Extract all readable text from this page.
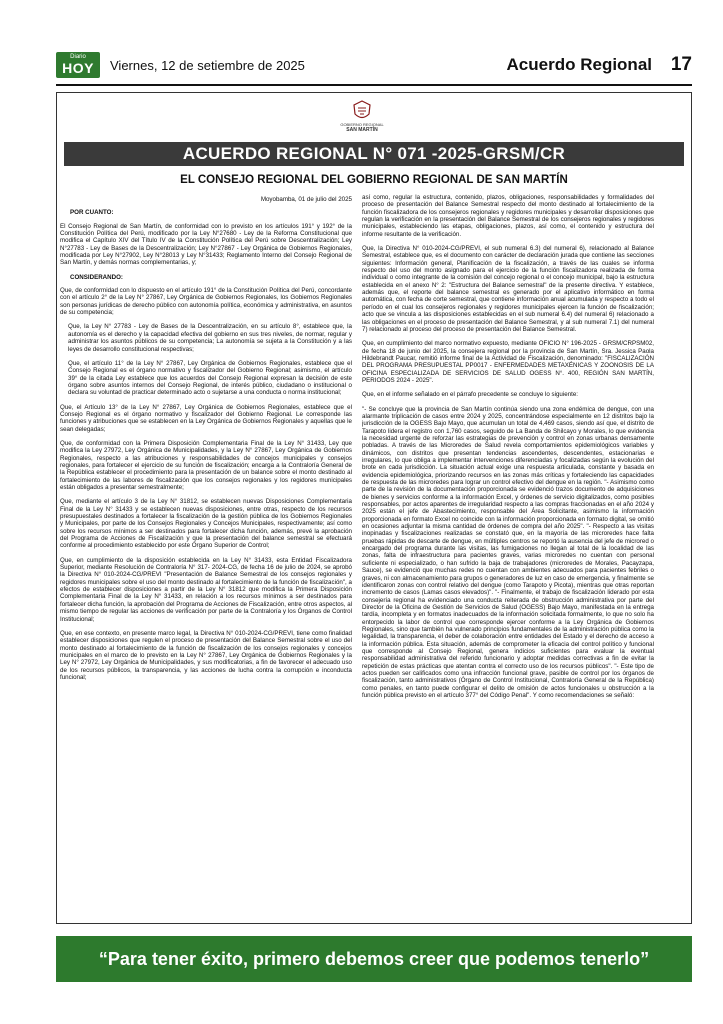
Diario
HOY	Viernes, 12 de setiembre de 2025	Acuerdo Regional 17
GOBIERNO REGIONAL
SAN MARTÍN
ACUERDO REGIONAL N° 071 -2025-GRSM/CR
EL CONSEJO REGIONAL DEL GOBIERNO REGIONAL DE SAN MARTÍN

Moyobamba, 01 de julio del 2025

POR CUANTO:

El Consejo Regional de San Martín, de conformidad con lo previsto en los artículos 191° y 192° de la Constitución Política del Perú, modificado por la Ley N°27680 - Ley de la Reforma Constitucional que modifica el Capítulo XIV del Título IV de la Constitución Política del Perú sobre Descentralización; Ley N°27783 - Ley de Bases de la Descentralización; Ley N°27867 - Ley Orgánica de Gobiernos Regionales, modificada por Ley N°27902, Ley N°28013 y Ley N°31433; Reglamento Interno del Consejo Regional de San Martín, y demás normas complementarias, y;

CONSIDERANDO:

Que, de conformidad con lo dispuesto en el artículo 191° de la Constitución Política del Perú, concordante con el artículo 2° de la Ley N° 27867, Ley Orgánica de Gobiernos Regionales, los Gobiernos Regionales son personas jurídicas de derecho público con autonomía política, económica y administrativa, en asuntos de su competencia;

Que, la Ley N° 27783 - Ley de Bases de la Descentralización, en su artículo 8°, establece que, la autonomía es el derecho y la capacidad efectiva del gobierno en sus tres niveles, de normar, regular y administrar los asuntos públicos de su competencia; La autonomía se sujeta a la Constitución y a las leyes de desarrollo constitucional respectivas;

Que, el artículo 11° de la Ley N° 27867, Ley Orgánica de Gobiernos Regionales, establece que el Consejo Regional es el órgano normativo y fiscalizador del Gobierno Regional; asimismo, el artículo 39° de la citada Ley establece que los acuerdos del Consejo Regional expresan la decisión de este órgano sobre asuntos internos del Consejo Regional, de interés público, ciudadano o institucional o declara su voluntad de practicar determinado acto o sujetarse a una conducta o norma institucional;

Que, el Artículo 13° de la Ley N° 27867, Ley Orgánica de Gobiernos Regionales, establece que el Consejo Regional es el órgano normativo y fiscalizador del Gobierno Regional. Le corresponde las funciones y atribuciones que se establecen en la Ley Orgánica de Gobiernos Regionales y aquellas que le sean delegadas;

Que, de conformidad con la Primera Disposición Complementaria Final de la Ley N° 31433, Ley que modifica la Ley 27972, Ley Orgánica de Municipalidades, y la Ley N° 27867, Ley Orgánica de Gobiernos Regionales, respecto a las atribuciones y responsabilidades de concejos municipales y consejos regionales, para fortalecer el ejercicio de su función de fiscalización; encarga a la Contraloría General de la República establecer el procedimiento para la presentación de un balance sobre el monto destinado al fortalecimiento de las labores de fiscalización que los consejos regionales y los regidores municipales están obligados a presentar semestralmente;

Que, mediante el artículo 3 de la Ley N° 31812, se establecen nuevas Disposiciones Complementaria Final de la Ley N° 31433 y se establecen nuevas disposiciones, entre otras, respecto de los recursos presupuestales destinados a fortalecer la fiscalización de la gestión pública de los Gobiernos Regionales y Municipales, por parte de los Consejos Regionales y Concejos Municipales, respectivamente; así como sobre los recursos mínimos a ser destinados para fortalecer dicha función, además, prevé la aprobación del Programa de Acciones de Fiscalización y que la presentación del balance semestral se efectuará conforme al procedimiento establecido por este Órgano Superior de Control;

Que, en cumplimiento de la disposición establecida en la Ley N° 31433, esta Entidad Fiscalizadora Superior, mediante Resolución de Contraloría N° 317- 2024-CG, de fecha 16 de julio de 2024, se aprobó la Directiva N° 010-2024-CG/PREVI "Presentación de Balance Semestral de los consejos regionales y regidores municipales sobre el uso del monto destinado al fortalecimiento de la función de fiscalización", a efectos de establecer disposiciones a partir de la Ley N° 31812 que modifica la Primera Disposición Complementaria Final de la Ley N° 31433, en relación a los recursos mínimos a ser destinados para fortalecer dicha función, la aprobación del Programa de Acciones de Fiscalización, entre otros aspectos, al mismo tiempo de regular las acciones de verificación por parte de la Contraloría y los Órganos de Control Institucional;

Que, en ese contexto, en presente marco legal, la Directiva N° 010-2024-CG/PREVI, tiene como finalidad establecer disposiciones que regulen el proceso de presentación del Balance Semestral sobre el uso del monto destinado al fortalecimiento de la función de fiscalización de los consejos regionales y concejos municipales en el marco de lo previsto en la Ley N° 27867, Ley Orgánica de Gobiernos Regionales y la Ley N° 27972, Ley Orgánica de Municipalidades, y sus modificatorias, a fin de favorecer el adecuado uso de los recursos públicos, la transparencia, y las acciones de lucha contra la corrupción e inconducta funcional;

así como, regular la estructura, contenido, plazos, obligaciones, responsabilidades y formalidades del proceso de presentación del Balance Semestral respecto del monto destinado al fortalecimiento de la función fiscalizadora de los consejeros regionales y regidores municipales y desarrollar disposiciones que regulan la verificación en la presentación del Balance Semestral de los consejeros regionales y regidores municipales, estableciendo las etapas, obligaciones, plazos, así como, el contenido y estructura del informe resultante de la verificación.

Que, la Directiva N° 010-2024-CG/PREVI, el sub numeral 6.3) del numeral 6), relacionado al Balance Semestral, establece que, es el documento con carácter de declaración jurada que contiene las secciones siguientes: Información general, Planificación de la fiscalización, a través de las cuales se informa respecto del uso del monto asignado para el ejercicio de la función fiscalizadora realizada de forma individual o como integrante de la comisión del concejo regional o el concejo municipal, bajo la estructura establecida en el anexo N° 2: "Estructura del Balance semestral" de la presente directiva. Y establece, además que, el reporte del balance semestral es generado por el aplicativo informático en forma automática, con fecha de corte semestral, que contiene información anual acumulada y respecto a todo el período en el cual los consejeros regionales y regidores municipales ejercen la función de fiscalización; acto que se vincula a las disposiciones establecidas en el sub numeral 6.4) del numeral 6) relacionado a las obligaciones en el proceso de presentación del Balance Semestral, y al sub numeral 7.1) del numeral 7) relacionado al proceso del proceso de presentación del Balance Semestral.

Que, en cumplimiento del marco normativo expuesto, mediante OFICIO N° 196-2025 - GRSM/CRPSM02, de fecha 18 de junio del 2025, la consejera regional por la provincia de San Martín, Sra. Jessica Paola Hildebrandt Paucar, remitió informe final de la Actividad de Fiscalización, denominado: "FISCALIZACIÓN DEL PROGRAMA PRESUPUESTAL PP0017 - ENFERMEDADES METAXÉNICAS Y ZOONOSIS DE LA OFICINA ESPECIALIZADA DE SERVICIOS DE SALUD OGESS N°. 400, REGIÓN SAN MARTÍN, PERIODOS 2024 - 2025".

Que, en el informe señalado en el párrafo precedente se concluye lo siguiente:

"- Se concluye que la provincia de San Martín continúa siendo una zona endémica de dengue, con una alarmante triplicación de casos entre 2024 y 2025, concentrándose especialmente en 12 distritos bajo la jurisdicción de la OGESS Bajo Mayo, que acumulan un total de 4,469 casos, siendo así que, el distrito de Tarapoto lidera el registro con 1,760 casos, seguido de La Banda de Shilcayo y Morales, lo que evidencia la necesidad urgente de reforzar las estrategias de prevención y control en zonas urbanas densamente pobladas. A través de las Microredes de Salud revela comportamientos epidemiológicos variables y dinámicos, con distritos que presentan tendencias ascendentes, descendentes, estacionarias e irregulares, lo que obliga a implementar intervenciones diferenciadas y focalizadas según la evolución del brote en cada jurisdicción. La situación actual exige una respuesta articulada, constante y basada en evidencia epidemiológica, priorizando recursos en las zonas más críticas y fortaleciendo las capacidades de respuesta de las microredes para lograr un control efectivo del dengue en la región. "- Asimismo como parte de la revisión de la documentación proporcionada se evidenció trazos documento de adquisiciones de bienes y servicios conforme a la información Excel, y órdenes de servicio digitalizados, como posibles responsables, por actos aparentes de irregularidad respecto a las compras fraccionadas en el año 2024 y 2025 están el jefe de Abastecimiento, responsable del Área Solicitante, asimismo la información proporcionada en formato Excel no coincide con la información proporcionada en formato digital, se omitió en ocasiones adjuntar la misma cantidad de órdenes de compra del año 2025". "- Respecto a las visitas inopinadas y fiscalizaciones realizadas se constató que, en la mayoría de las microredes hace falta pruebas rápidas de descarte de dengue, en múltiples centros se reportó la ausencia del jefe de microred o encargado del programa durante las visitas, las fumigaciones no llegan al total de la localidad de las zonas, falta de infraestructura para pacientes graves, varias microredes no cuentan con personal suficiente ni especializado, o han sufrido la baja de trabajadores (microredes de Morales, Pacayzapa, Sauce), se evidenció que muchas redes no cuentan con ambientes adecuados para pacientes febriles o graves, ni con almacenamiento para grupos o generadores de luz en caso de emergencia, y finalmente se identificaron zonas con control relativo del dengue (como Tarapoto y Picota), mientras que otras reportan incremento de casos (Lamas casos elevados)". "- Finalmente, el trabajo de fiscalización liderado por esta consejería regional ha evidenciado una conducta reiterada de obstrucción administrativa por parte del Director de la Oficina de Gestión de Servicios de Salud (OGESS) Bajo Mayo, manifestada en la entrega tardía, incompleta y en formatos inadecuados de la información solicitada formalmente, lo que no solo ha entorpecido la labor de control que corresponde ejercer conforme a la Ley Orgánica de Gobiernos Regionales, sino que también ha vulnerado principios fundamentales de la administración pública como la legalidad, la transparencia, el deber de colaboración entre entidades del Estado y el derecho de acceso a la información pública. Esta situación, además de comprometer la eficacia del control político y funcional que corresponde al Consejo Regional, genera indicios suficientes para evaluar la eventual responsabilidad administrativa del referido funcionario y adoptar medidas correctivas a fin de evitar la repetición de estas prácticas que atentan contra el correcto uso de los recursos públicos". "- Este tipo de actos pueden ser calificados como una infracción funcional grave, pasible de control por los órganos de fiscalización, tanto administrativos (Órgano de Control Institucional, Contraloría General de la República) como penales, en tanto puede configurar el delito de omisión de actos funcionales u obstrucción a la función pública previsto en el artículo 377° del Código Penal". Y como recomendaciones se señaló:

“Para tener éxito, primero debemos creer que podemos tenerlo”
